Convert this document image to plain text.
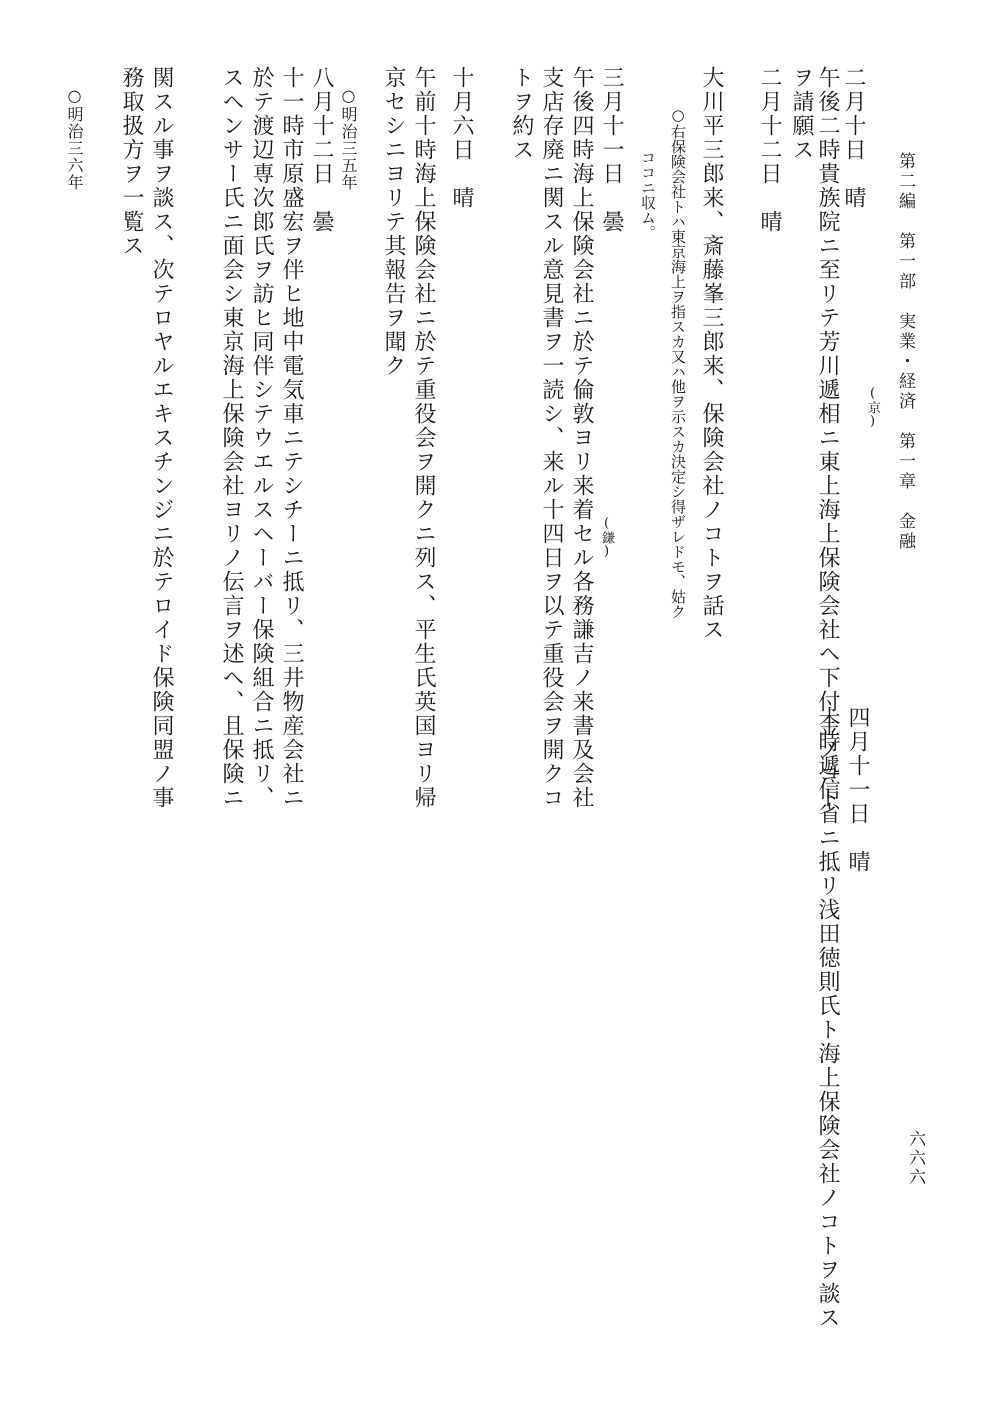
第二編　第一部　実業・経済　第一章　金融
六六六
二月十日　晴
午後二時貴族院ニ至リテ芳川遞相ニ東上海上保険会社ヘ下付金ノコト
ヲ請願ス
二月十二日　晴
大川平三郎来、斎藤峯三郎来、保険会社ノコトヲ話ス
○右保険会社トハ東京海上ヲ指スカ又ハ他ヲ示スカ決定シ得ザレドモ、姑ク
ココニ収ム。
三月十一日　曇
午後四時海上保険会社ニ於テ倫敦ヨリ来着セル各務謙吉ノ来書及会社
支店存廃ニ関スル意見書ヲ一読シ、来ル十四日ヲ以テ重役会ヲ開クコ
トヲ約ス
十月六日　晴
午前十時海上保険会社ニ於テ重役会ヲ開クニ列ス、平生氏英国ヨリ帰
京セシニヨリテ其報告ヲ聞ク
○明治三五年
八月十二日　曇
十一時市原盛宏ヲ伴ヒ地中電気車ニテシチーニ抵リ、三井物産会社ニ
於テ渡辺専次郎氏ヲ訪ヒ同伴シテウエルスヘーバー保険組合ニ抵リ、
スヘンサー氏ニ面会シ東京海上保険会社ヨリノ伝言ヲ述ヘ、且保険ニ
関スル事ヲ談ス、次テロヤルエキスチンジニ於テロイド保険同盟ノ事
務取扱方ヲ一覧ス
○明治三六年
四月十一日　晴
十時遞信省ニ抵リ浅田徳則氏ト海上保険会社ノコトヲ談ス
(京)
(鎌)
